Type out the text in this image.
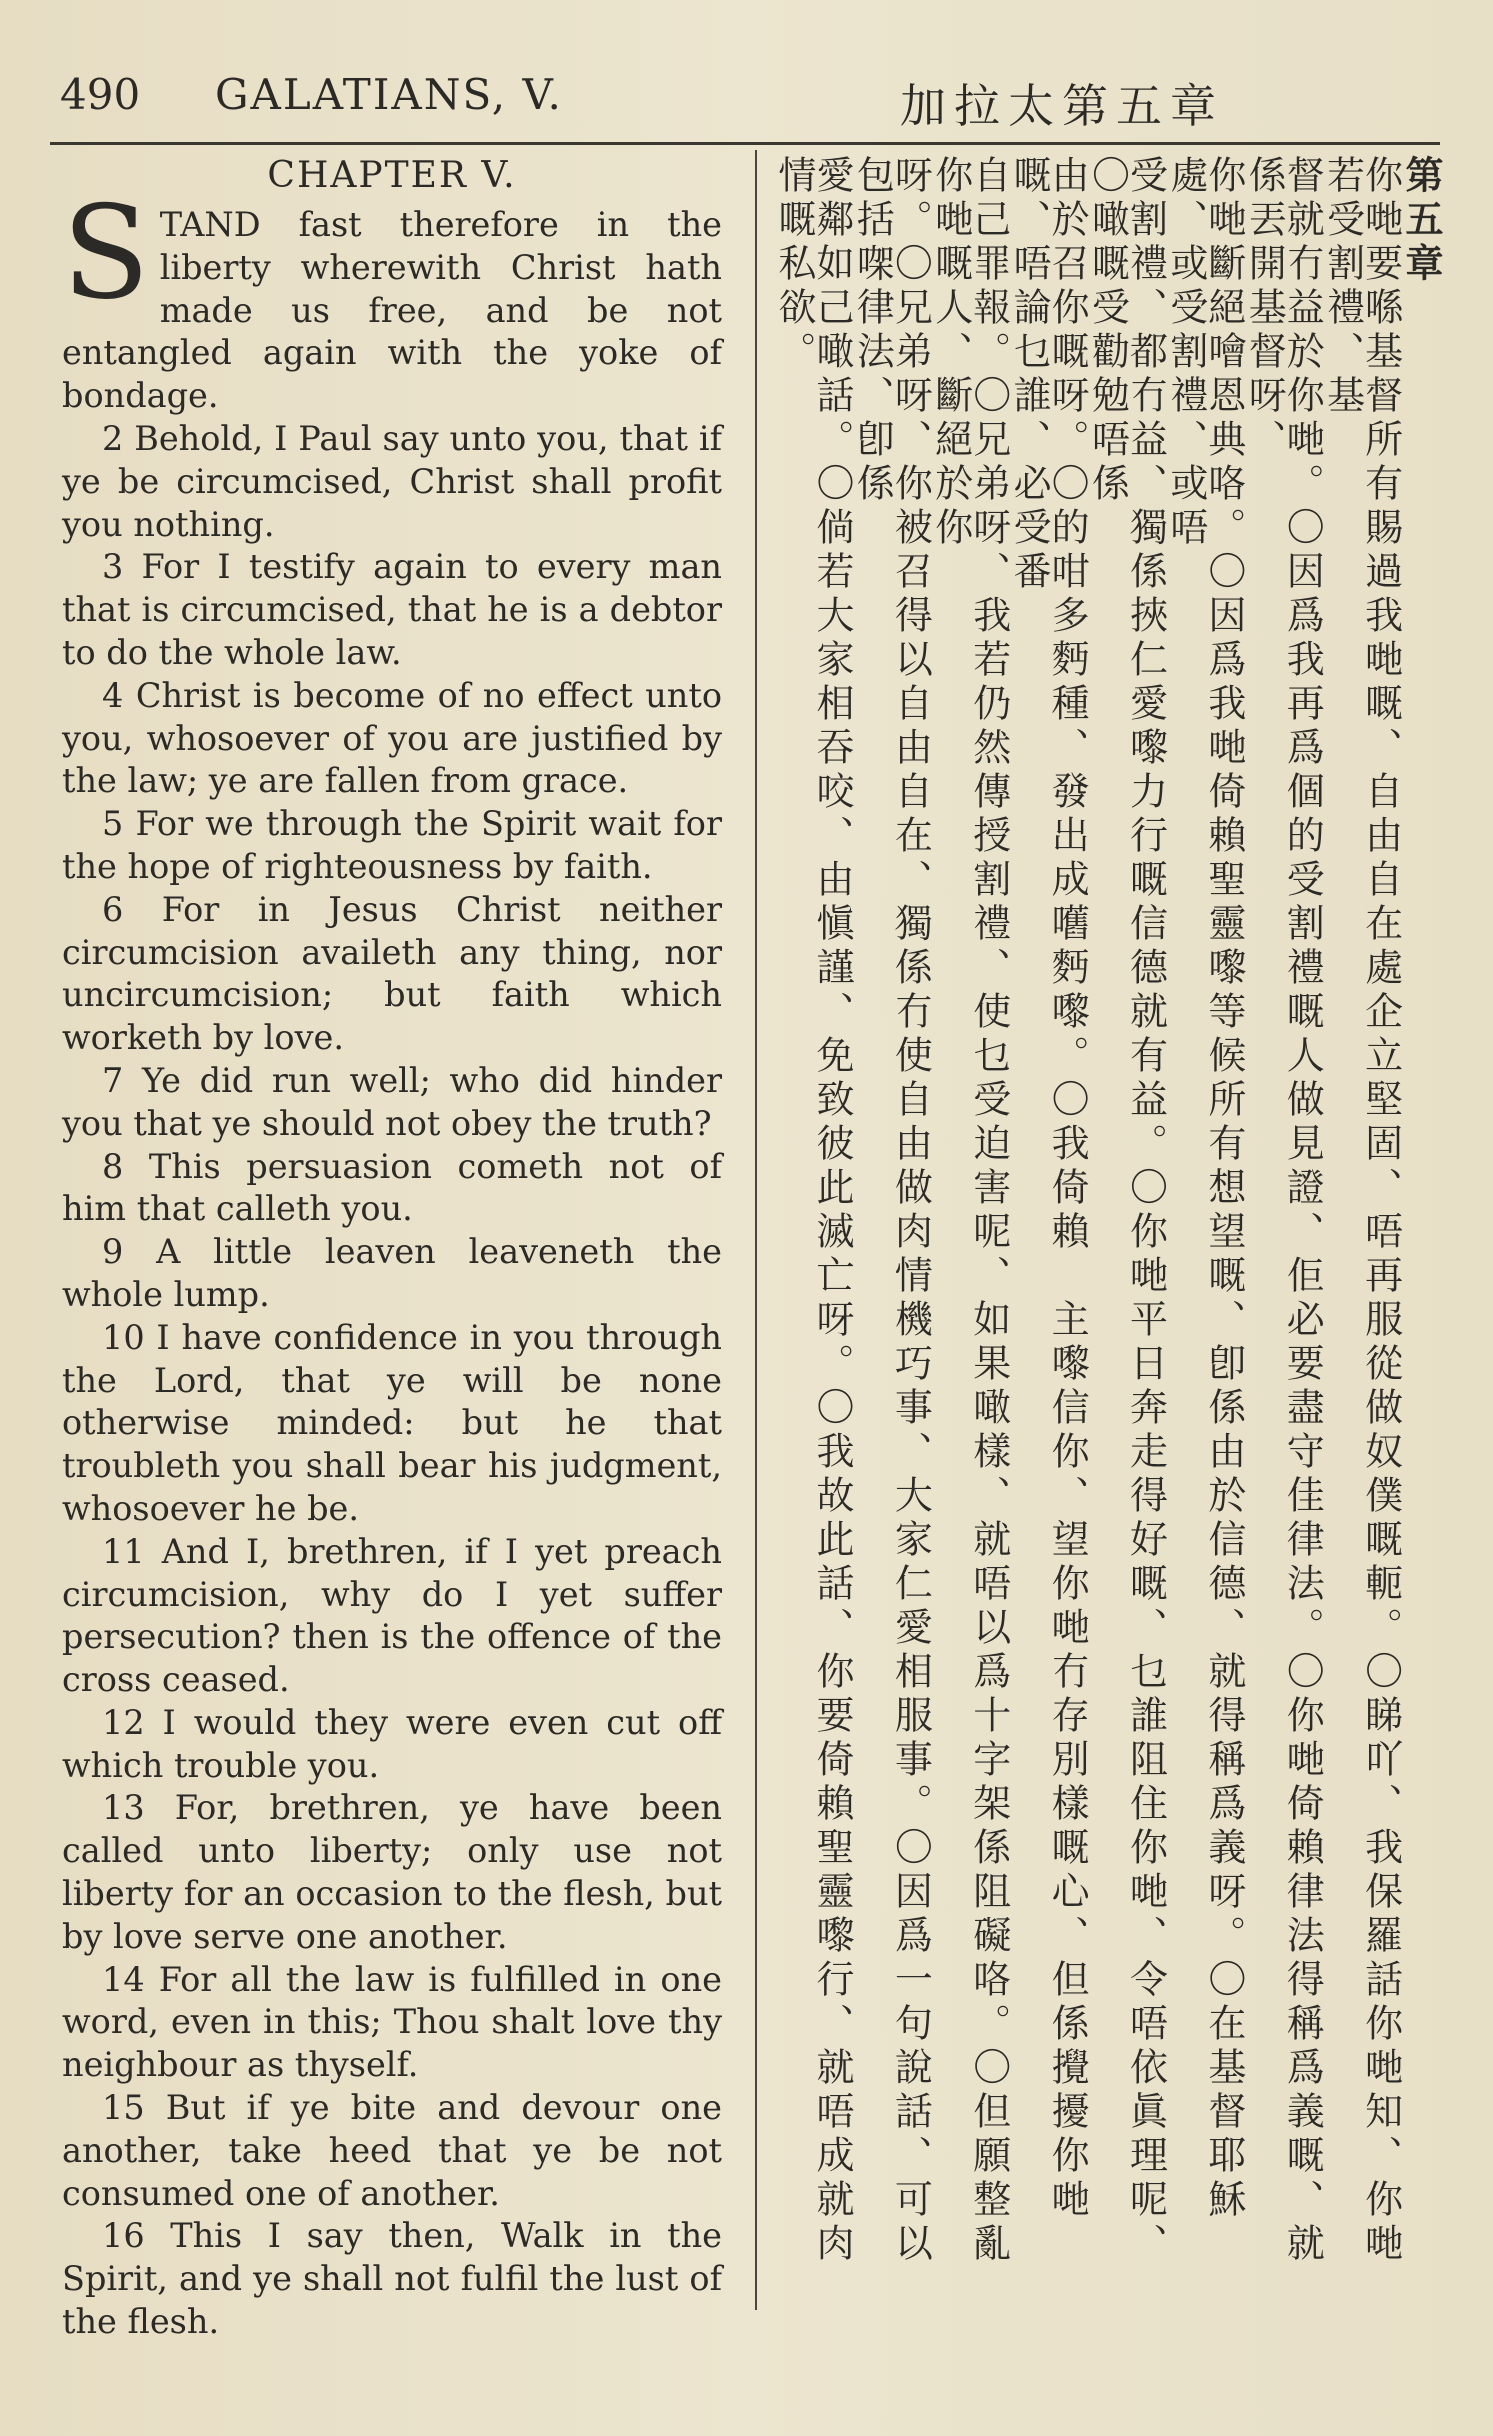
490 GALATIANS, V.	加拉太第五章
CHAPTER V.

STAND fast therefore in the liberty wherewith Christ hath made us free, and be not entangled again with the yoke of bondage.

2 Behold, I Paul say unto you, that if ye be circumcised, Christ shall profit you nothing.

3 For I testify again to every man that is circumcised, that he is a debtor to do the whole law.

4 Christ is become of no effect unto you, whosoever of you are justified by the law; ye are fallen from grace.

5 For we through the Spirit wait for the hope of righteousness by faith.

6 For in Jesus Christ neither circumcision availeth any thing, nor uncircumcision; but faith which worketh by love.

7 Ye did run well; who did hinder you that ye should not obey the truth?

8 This persuasion cometh not of him that calleth you.

9 A little leaven leaveneth the whole lump.

10 I have confidence in you through the Lord, that ye will be none otherwise minded: but he that troubleth you shall bear his judgment, whosoever he be.

11 And I, brethren, if I yet preach circumcision, why do I yet suffer persecution? then is the offence of the cross ceased.

12 I would they were even cut off which trouble you.

13 For, brethren, ye have been called unto liberty; only use not liberty for an occasion to the flesh, but by love serve one another.

14 For all the law is fulfilled in one word, even in this; Thou shalt love thy neighbour as thyself.

15 But if ye bite and devour one another, take heed that ye be not consumed one of another.

16 This I say then, Walk in the Spirit, and ye shall not fulfil the lust of the flesh.

第五章

你哋要喺基督所有賜過我哋嘅、自由自在處企立堅固、唔再服從做奴僕嘅軛。〇睇吖、我保羅話你哋知、你哋若受割禮、基

督就冇益於你哋。〇因爲我再爲個的受割禮嘅人做見證、佢必要盡守佳律法。〇你哋倚賴律法得稱爲義嘅、就係丟開基督呀、

你哋斷絕噲恩典咯。〇因爲我哋倚賴聖靈嚟等候所有想望嘅、卽係由於信德、就得稱爲義呀。〇在基督耶穌處、或受割禮、或唔

受割禮、都冇益、獨係挾仁愛嚟力行嘅信德就有益。〇你哋平日奔走得好嘅、乜誰阻住你哋、令唔依眞理呢、〇噉嘅受勸勉唔係

由於召你嘅呀。〇的咁多麪種、發出成嚿麪嚟。〇我倚賴　主嚟信你、望你哋冇存別樣嘅心、但係攪擾你哋嘅、唔論乜誰、必受番

自己罪報。〇兄弟呀、我若仍然傳授割禮、使乜受迫害呢、如果噉樣、就唔以爲十字架係阻礙咯。〇但願整亂你哋嘅人、斷絕於你

呀。〇兄弟呀、你被召得以自由自在、獨係冇使自由做肉情機巧事、大家仁愛相服事。〇因爲一句說話、可以包括㗎律法、卽係

愛鄰如己噉話。〇倘若大家相吞咬、由愼謹、免致彼此滅亡呀。〇我故此話、你要倚賴聖靈嚟行、就唔成就肉情嘅私欲。
